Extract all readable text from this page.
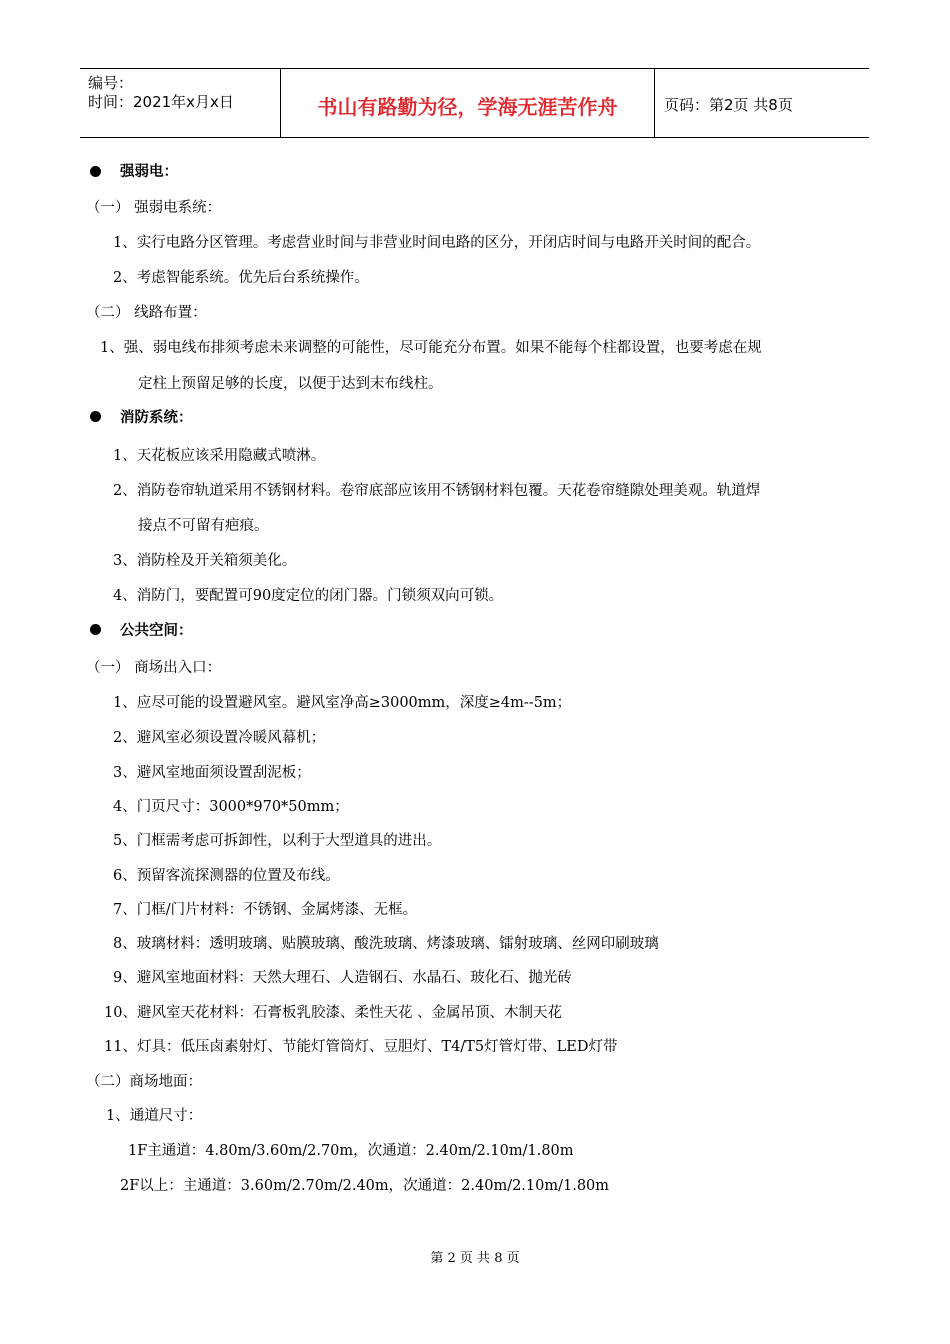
编号：
时间：2021年x月x日	书山有路勤为径，学海无涯苦作舟	页码：第2页 共8页
强弱电：
（一） 强弱电系统：
1、实行电路分区管理。考虑营业时间与非营业时间电路的区分，开闭店时间与电路开关时间的配合。
2、考虑智能系统。优先后台系统操作。
（二） 线路布置：
1、强、弱电线布排须考虑未来调整的可能性，尽可能充分布置。如果不能每个柱都设置，也要考虑在规
定柱上预留足够的长度，以便于达到末布线柱。
消防系统：
1、天花板应该采用隐藏式喷淋。
2、消防卷帘轨道采用不锈钢材料。卷帘底部应该用不锈钢材料包覆。天花卷帘缝隙处理美观。轨道焊
接点不可留有疤痕。
3、消防栓及开关箱须美化。
4、消防门，要配置可90度定位的闭门器。门锁须双向可锁。
公共空间：
（一） 商场出入口：
1、应尽可能的设置避风室。避风室净高≥3000mm，深度≥4m--5m；
2、避风室必须设置冷暖风幕机；
3、避风室地面须设置刮泥板；
4、门页尺寸：3000*970*50mm；
5、门框需考虑可拆卸性，以利于大型道具的进出。
6、预留客流探测器的位置及布线。
7、门框/门片材料：不锈钢、金属烤漆、无框。
8、玻璃材料：透明玻璃、贴膜玻璃、酸洗玻璃、烤漆玻璃、镭射玻璃、丝网印刷玻璃
9、避风室地面材料：天然大理石、人造钢石、水晶石、玻化石、抛光砖
10、避风室天花材料：石膏板乳胶漆、柔性天花 、金属吊顶、木制天花
11、灯具：低压卤素射灯、节能灯管筒灯、豆胆灯、T4/T5灯管灯带、LED灯带
（二）商场地面：
1、通道尺寸：
1F主通道：4.80m/3.60m/2.70m，次通道：2.40m/2.10m/1.80m
2F以上：主通道：3.60m/2.70m/2.40m，次通道：2.40m/2.10m/1.80m
第 2 页 共 8 页
